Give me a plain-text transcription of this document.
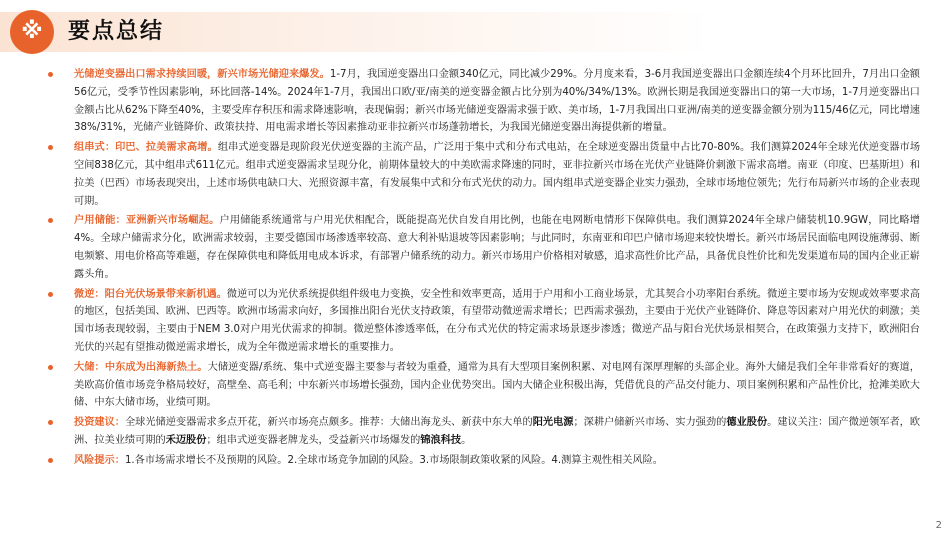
※	要点总结

光储逆变器出口需求持续回暖，新兴市场光储迎来爆发。1-7月，我国逆变器出口金额340亿元，同比减少29%。分月度来看，3-6月我国逆变器出口金额连续4个月环比回升，7月出口金额56亿元，受季节性因素影响，环比回落-14%。2024年1-7月，我国出口欧/亚/南美的逆变器金额占比分别为40%/34%/13%。欧洲长期是我国逆变器出口的第一大市场，1-7月逆变器出口金额占比从62%下降至40%，主要受库存积压和需求降速影响，表现偏弱；新兴市场光储逆变器需求强于欧、美市场，1-7月我国出口亚洲/南美的逆变器金额分别为115/46亿元，同比增速38%/31%，光储产业链降价、政策扶持、用电需求增长等因素推动亚非拉新兴市场蓬勃增长，为我国光储逆变器出海提供新的增量。

组串式：印巴、拉美需求高增。组串式逆变器是现阶段光伏逆变器的主流产品，广泛用于集中式和分布式电站，在全球逆变器出货量中占比70-80%。我们测算2024年全球光伏逆变器市场空间838亿元，其中组串式611亿元。组串式逆变器需求呈现分化，前期体量较大的中美欧需求降速的同时，亚非拉新兴市场在光伏产业链降价刺激下需求高增。南亚（印度、巴基斯坦）和拉美（巴西）市场表现突出，上述市场供电缺口大、光照资源丰富，有发展集中式和分布式光伏的动力。国内组串式逆变器企业实力强劲，全球市场地位领先；先行布局新兴市场的企业表现可期。

户用储能：亚洲新兴市场崛起。户用储能系统通常与户用光伏相配合，既能提高光伏自发自用比例，也能在电网断电情形下保障供电。我们测算2024年全球户储装机10.9GW，同比略增4%。全球户储需求分化，欧洲需求较弱，主要受德国市场渗透率较高、意大利补贴退坡等因素影响；与此同时，东南亚和印巴户储市场迎来较快增长。新兴市场居民面临电网设施薄弱、断电频繁、用电价格高等难题，存在保障供电和降低用电成本诉求，有部署户储系统的动力。新兴市场用户价格相对敏感，追求高性价比产品，具备优良性价比和先发渠道布局的国内企业正崭露头角。

微逆：阳台光伏场景带来新机遇。微逆可以为光伏系统提供组件级电力变换，安全性和效率更高，适用于户用和小工商业场景，尤其契合小功率阳台系统。微逆主要市场为安规或效率要求高的地区，包括美国、欧洲、巴西等。欧洲市场需求向好，多国推出阳台光伏支持政策，有望带动微逆需求增长；巴西需求强劲，主要由于光伏产业链降价、降息等因素对户用光伏的刺激；美国市场表现较弱，主要由于NEM 3.0对户用光伏需求的抑制。微逆整体渗透率低，在分布式光伏的特定需求场景逐步渗透；微逆产品与阳台光伏场景相契合，在政策强力支持下，欧洲阳台光伏的兴起有望推动微逆需求增长，成为全年微逆需求增长的重要推力。

大储：中东成为出海新热土。大储逆变器/系统、集中式逆变器主要参与者较为重叠，通常为具有大型项目案例积累、对电网有深厚理解的头部企业。海外大储是我们全年非常看好的赛道，美欧高价值市场竞争格局较好，高壁垒、高毛利；中东新兴市场增长强劲，国内企业优势突出。国内大储企业积极出海，凭借优良的产品交付能力、项目案例积累和产品性价比，抢滩美欧大储、中东大储市场，业绩可期。

投资建议：全球光储逆变器需求多点开花，新兴市场亮点颇多。推荐：大储出海龙头、新获中东大单的阳光电源；深耕户储新兴市场、实力强劲的德业股份。建议关注：国产微逆领军者，欧洲、拉美业绩可期的禾迈股份；组串式逆变器老牌龙头，受益新兴市场爆发的锦浪科技。

风险提示：1.各市场需求增长不及预期的风险。2.全球市场竞争加剧的风险。3.市场限制政策收紧的风险。4.测算主观性相关风险。

2
